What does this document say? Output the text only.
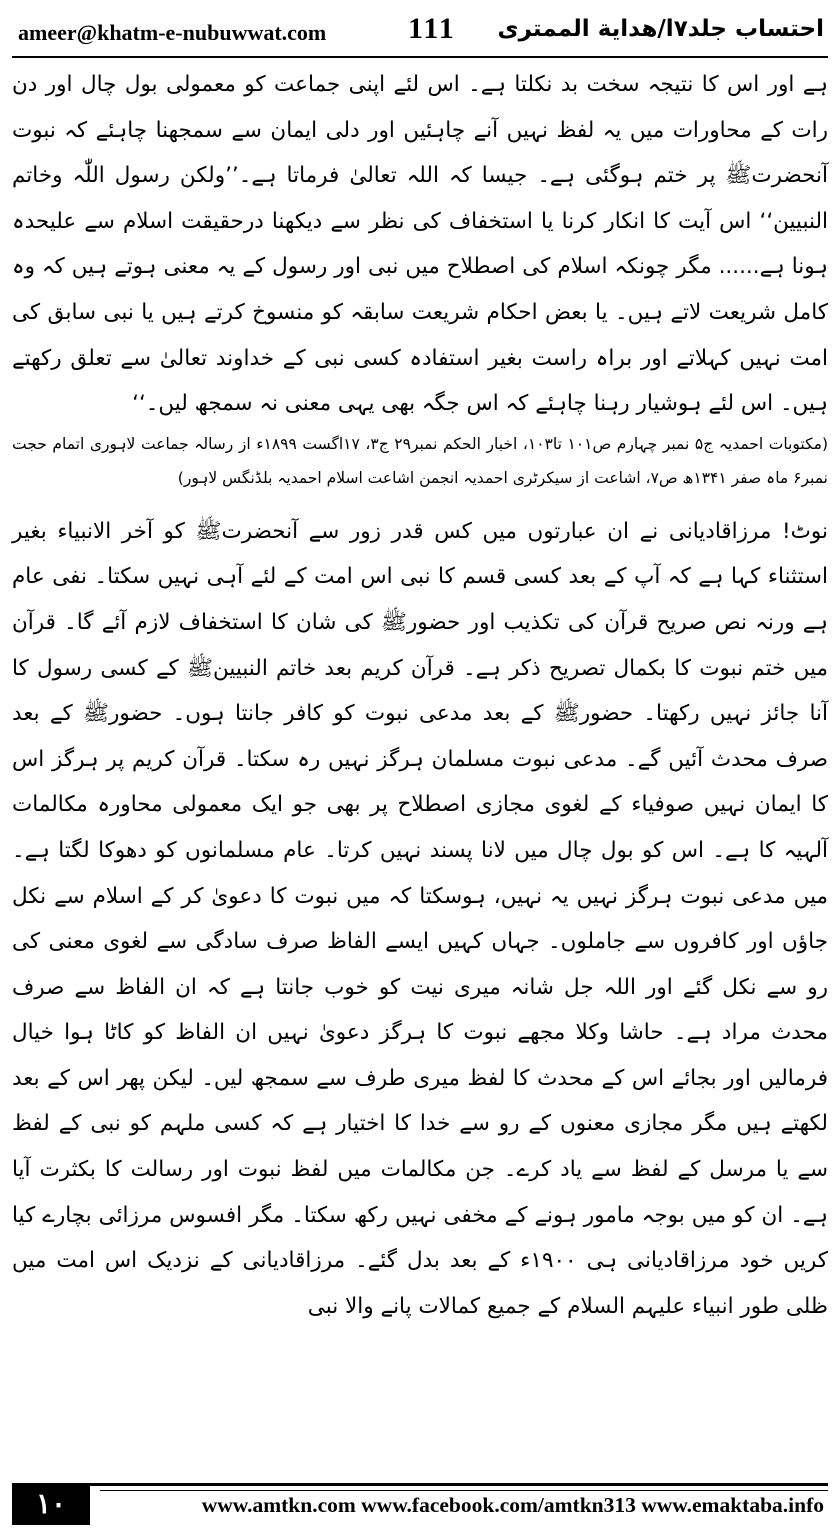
ameer@khatm-e-nubuwwat.com	111 احتساب جلد۷ا/ھدایة الممتری

ہے اور اس کا نتیجہ سخت بد نکلتا ہے۔ اس لئے اپنی جماعت کو معمولی بول چال اور دن رات کے محاورات میں یہ لفظ نہیں آنے چاہئیں اور دلی ایمان سے سمجھنا چاہئے کہ نبوت آنحضرتﷺ پر ختم ہوگئی ہے۔ جیسا کہ اللہ تعالیٰ فرماتا ہے۔’’ولکن رسول اللّٰہ وخاتم النبیین‘‘ اس آیت کا انکار کرنا یا استخفاف کی نظر سے دیکھنا درحقیقت اسلام سے علیحدہ ہونا ہے...... مگر چونکہ اسلام کی اصطلاح میں نبی اور رسول کے یہ معنی ہوتے ہیں کہ وہ کامل شریعت لاتے ہیں۔ یا بعض احکام شریعت سابقہ کو منسوخ کرتے ہیں یا نبی سابق کی امت نہیں کہلاتے اور براہ راست بغیر استفادہ کسی نبی کے خداوند تعالیٰ سے تعلق رکھتے ہیں۔ اس لئے ہوشیار رہنا چاہئے کہ اس جگہ بھی یہی معنی نہ سمجھ لیں۔‘‘

(مکتوبات احمدیہ ج۵ نمبر چہارم ص۱۰۱ تا۱۰۳، اخبار الحکم نمبر۲۹ ج۳، ۱۷اگست ۱۸۹۹ء از رسالہ جماعت لاہوری اتمام حجت نمبر۶ ماہ صفر ۱۳۴۱ھ ص۷، اشاعت از سیکرٹری احمدیہ انجمن اشاعت اسلام احمدیہ بلڈنگس لاہور)

نوٹ! مرزاقادیانی نے ان عبارتوں میں کس قدر زور سے آنحضرتﷺ کو آخر الانبیاء بغیر استثناء کہا ہے کہ آپ کے بعد کسی قسم کا نبی اس امت کے لئے آہی نہیں سکتا۔ نفی عام ہے ورنہ نص صریح قرآن کی تکذیب اور حضورﷺ کی شان کا استخفاف لازم آئے گا۔ قرآن میں ختم نبوت کا بکمال تصریح ذکر ہے۔ قرآن کریم بعد خاتم النبیینﷺ کے کسی رسول کا آنا جائز نہیں رکھتا۔ حضورﷺ کے بعد مدعی نبوت کو کافر جانتا ہوں۔ حضورﷺ کے بعد صرف محدث آئیں گے۔ مدعی نبوت مسلمان ہرگز نہیں رہ سکتا۔ قرآن کریم پر ہرگز اس کا ایمان نہیں صوفیاء کے لغوی مجازی اصطلاح پر بھی جو ایک معمولی محاورہ مکالمات آلہیہ کا ہے۔ اس کو بول چال میں لانا پسند نہیں کرتا۔ عام مسلمانوں کو دھوکا لگتا ہے۔ میں مدعی نبوت ہرگز نہیں یہ نہیں، ہوسکتا کہ میں نبوت کا دعویٰ کر کے اسلام سے نکل جاؤں اور کافروں سے جاملوں۔ جہاں کہیں ایسے الفاظ صرف سادگی سے لغوی معنی کی رو سے نکل گئے اور اللہ جل شانہ میری نیت کو خوب جانتا ہے کہ ان الفاظ سے صرف محدث مراد ہے۔ حاشا وکلا مجھے نبوت کا ہرگز دعویٰ نہیں ان الفاظ کو کاٹا ہوا خیال فرمالیں اور بجائے اس کے محدث کا لفظ میری طرف سے سمجھ لیں۔ لیکن پھر اس کے بعد لکھتے ہیں مگر مجازی معنوں کے رو سے خدا کا اختیار ہے کہ کسی ملہم کو نبی کے لفظ سے یا مرسل کے لفظ سے یاد کرے۔ جن مکالمات میں لفظ نبوت اور رسالت کا بکثرت آیا ہے۔ ان کو میں بوجہ مامور ہونے کے مخفی نہیں رکھ سکتا۔ مگر افسوس مرزائی بچارے کیا کریں خود مرزاقادیانی ہی ۱۹۰۰ء کے بعد بدل گئے۔ مرزاقادیانی کے نزدیک اس امت میں ظلی طور انبیاء علیہم السلام کے جمیع کمالات پانے والا نبی

۱۰	www.amtkn.com www.facebook.com/amtkn313 www.emaktaba.info
